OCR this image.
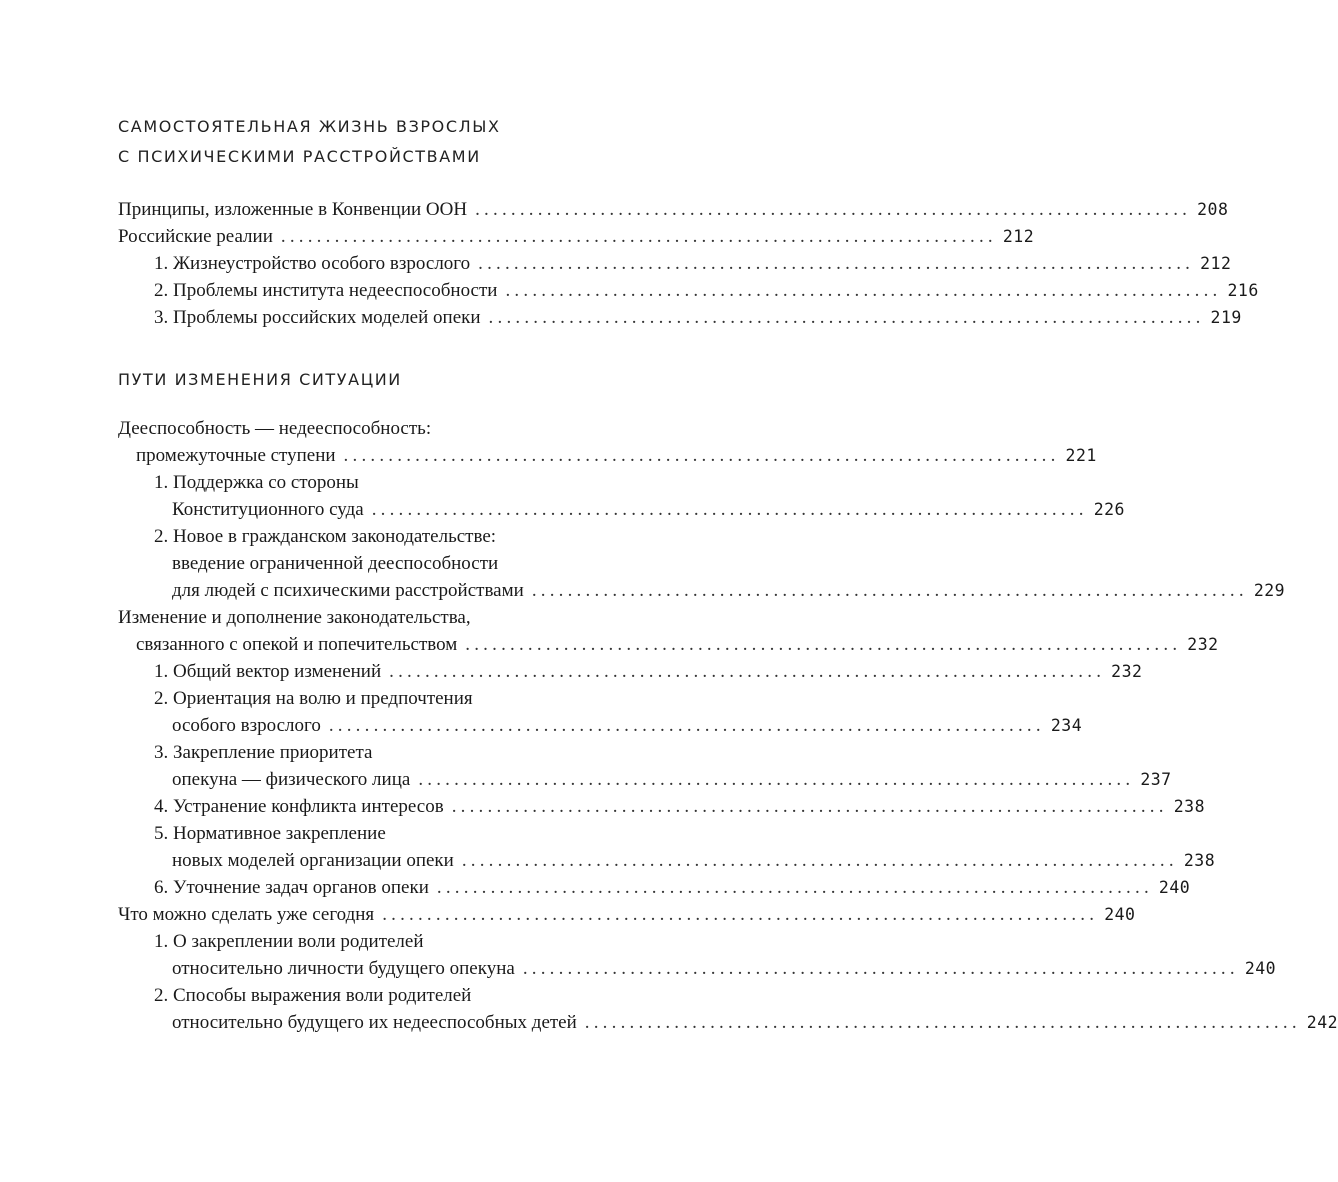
САМОСТОЯТЕЛЬНАЯ ЖИЗНЬ ВЗРОСЛЫХ
С ПСИХИЧЕСКИМИ РАССТРОЙСТВАМИ
Принципы, изложенные в Конвенции ООН ................................................................................ 208
Российские реалии ................................................................................ 212
1. Жизнеустройство особого взрослого ................................................................................ 212
2. Проблемы института недееспособности ................................................................................ 216
3. Проблемы российских моделей опеки ................................................................................ 219
ПУТИ ИЗМЕНЕНИЯ СИТУАЦИИ
Дееспособность — недееспособность:
промежуточные ступени ................................................................................ 221
1. Поддержка со стороны
Конституционного суда ................................................................................ 226
2. Новое в гражданском законодательстве:
введение ограниченной дееспособности
для людей с психическими расстройствами ................................................................................ 229
Изменение и дополнение законодательства,
связанного с опекой и попечительством ................................................................................ 232
1. Общий вектор изменений ................................................................................ 232
2. Ориентация на волю и предпочтения
особого взрослого ................................................................................ 234
3. Закрепление приоритета
опекуна — физического лица ................................................................................ 237
4. Устранение конфликта интересов ................................................................................ 238
5. Нормативное закрепление
новых моделей организации опеки ................................................................................ 238
6. Уточнение задач органов опеки ................................................................................ 240
Что можно сделать уже сегодня ................................................................................ 240
1. О закреплении воли родителей
относительно личности будущего опекуна ................................................................................ 240
2. Способы выражения воли родителей
относительно будущего их недееспособных детей ................................................................................ 242
